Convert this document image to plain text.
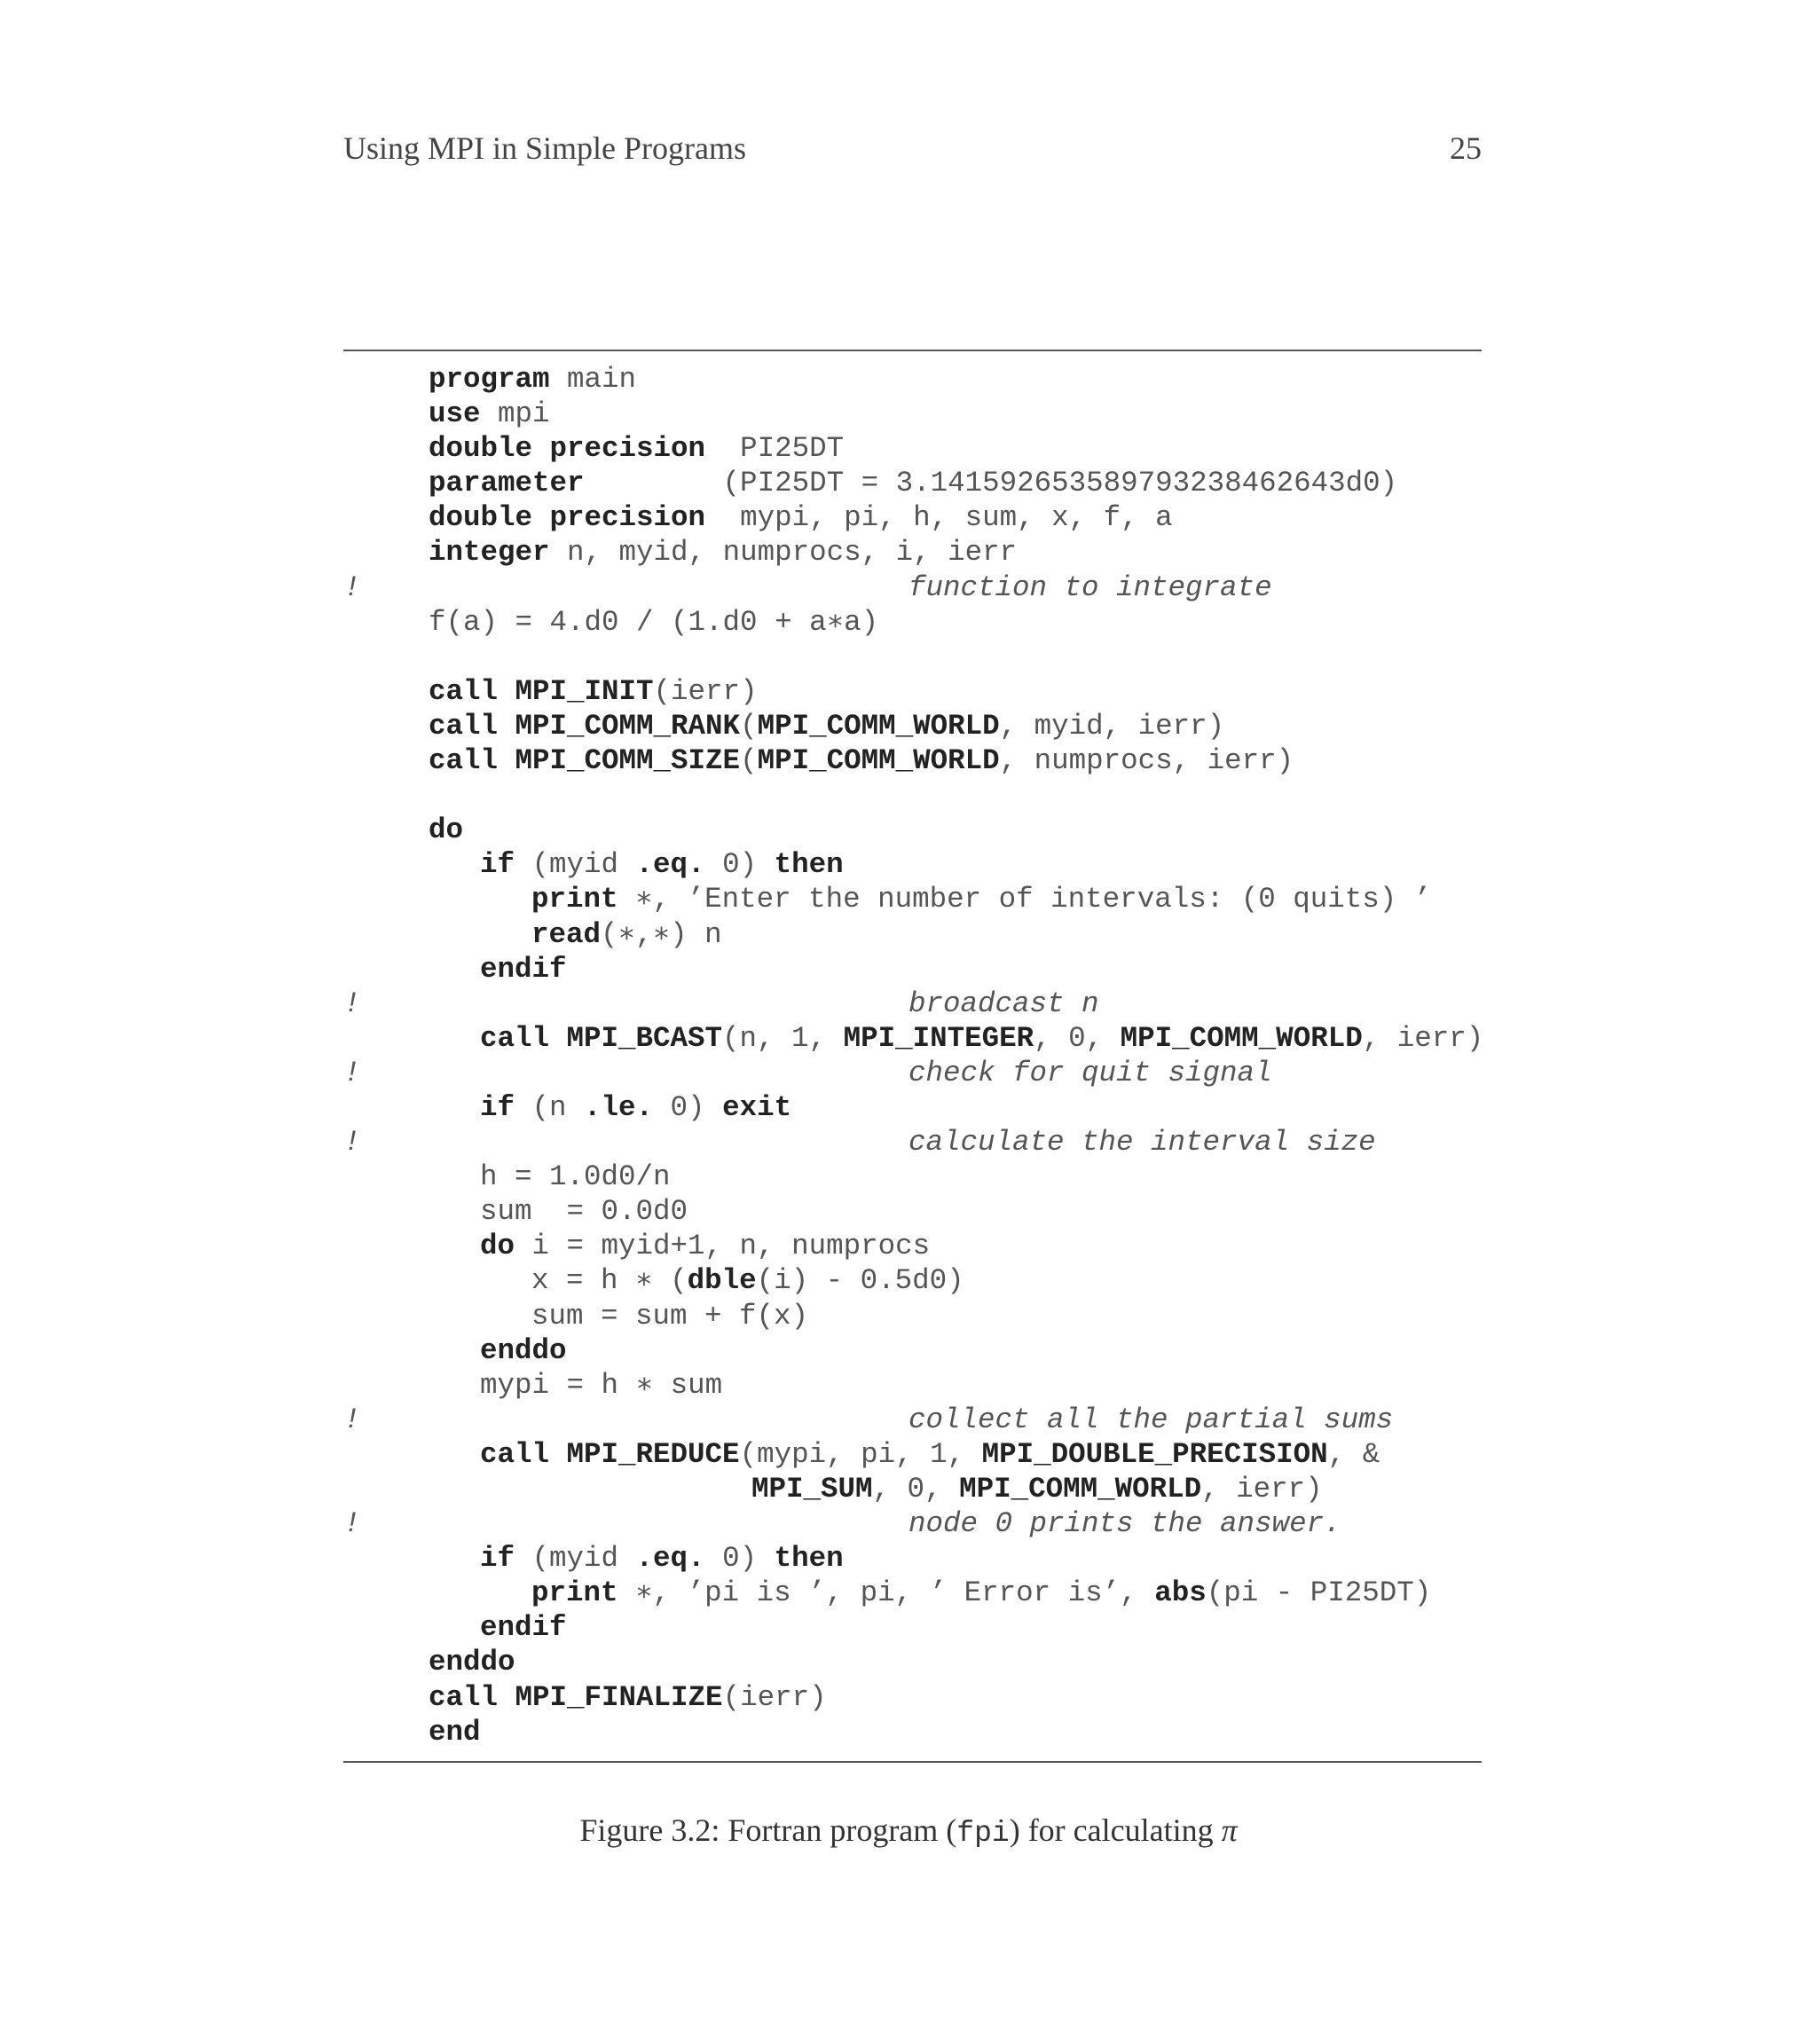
Using MPI in Simple Programs	25
program main
use mpi
double precision  PI25DT
parameter        (PI25DT = 3.141592653589793238462643d0)
double precision  mypi, pi, h, sum, x, f, a
integer n, myid, numprocs, i, ierr
!	function to integrate
f(a) = 4.d0 / (1.d0 + a∗a)
call MPI_INIT(ierr)
call MPI_COMM_RANK(MPI_COMM_WORLD, myid, ierr)
call MPI_COMM_SIZE(MPI_COMM_WORLD, numprocs, ierr)
do
if (myid .eq. 0) then
print ∗, ’Enter the number of intervals: (0 quits) ’
read(∗,∗) n
endif
!	broadcast n
call MPI_BCAST(n, 1, MPI_INTEGER, 0, MPI_COMM_WORLD, ierr)
!	check for quit signal
if (n .le. 0) exit
!	calculate the interval size
h = 1.0d0/n
sum  = 0.0d0
do i = myid+1, n, numprocs
x = h ∗ (dble(i) - 0.5d0)
sum = sum + f(x)
enddo
mypi = h ∗ sum
!	collect all the partial sums
call MPI_REDUCE(mypi, pi, 1, MPI_DOUBLE_PRECISION, &
MPI_SUM, 0, MPI_COMM_WORLD, ierr)
!	node 0 prints the answer.
if (myid .eq. 0) then
print ∗, ’pi is ’, pi, ’ Error is’, abs(pi - PI25DT)
endif
enddo
call MPI_FINALIZE(ierr)
end
Figure 3.2: Fortran program (fpi) for calculating π
